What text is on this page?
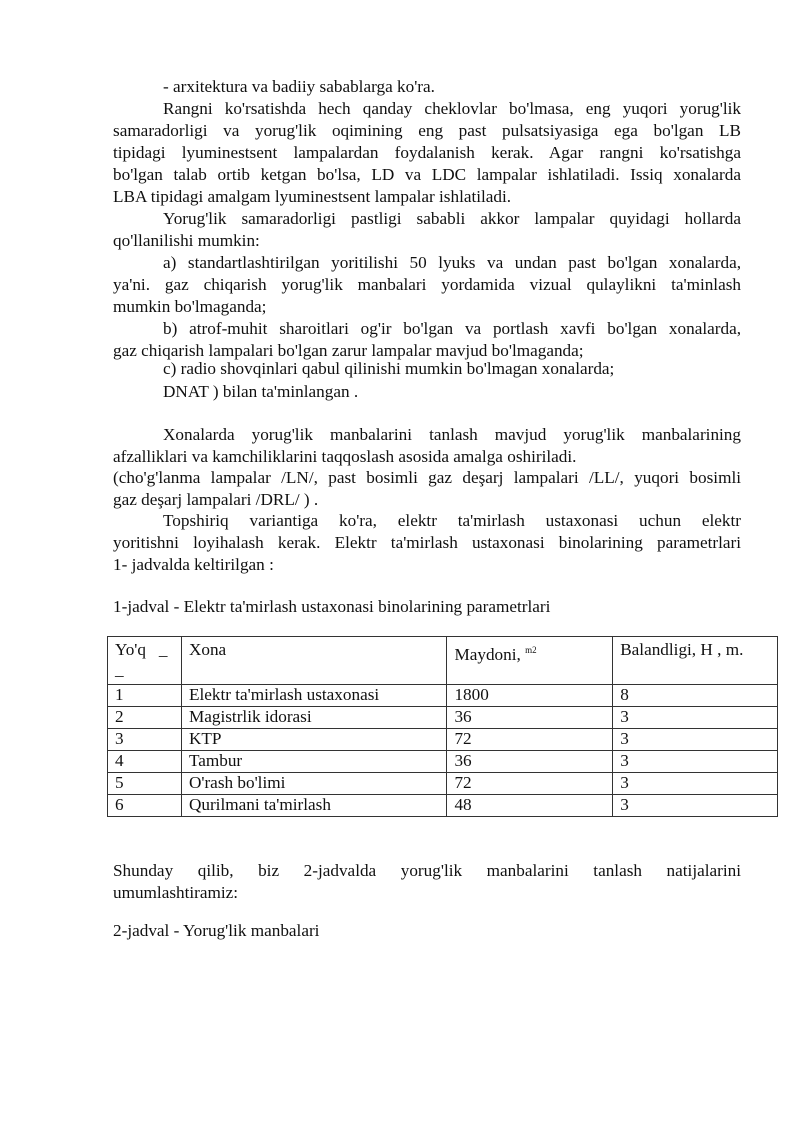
- arxitektura va badiiy sabablarga ko'ra.

Rangni ko'rsatishda hech qanday cheklovlar bo'lmasa, eng yuqori yorug'lik
samaradorligi va yorug'lik oqimining eng past pulsatsiyasiga ega bo'lgan LB
tipidagi lyuminestsent lampalardan foydalanish kerak. Agar rangni ko'rsatishga
bo'lgan talab ortib ketgan bo'lsa, LD va LDC lampalar ishlatiladi. Issiq xonalarda
LBA tipidagi amalgam lyuminestsent lampalar ishlatiladi.

Yorug'lik samaradorligi pastligi sababli akkor lampalar quyidagi hollarda
qo'llanilishi mumkin:

a) standartlashtirilgan yoritilishi 50 lyuks va undan past bo'lgan xonalarda,
ya'ni. gaz chiqarish yorug'lik manbalari yordamida vizual qulaylikni ta'minlash
mumkin bo'lmaganda;

b) atrof-muhit sharoitlari og'ir bo'lgan va portlash xavfi bo'lgan xonalarda,
gaz chiqarish lampalari bo'lgan zarur lampalar mavjud bo'lmaganda;

c) radio shovqinlari qabul qilinishi mumkin bo'lmagan xonalarda;

DNAT ) bilan ta'minlangan .

Xonalarda yorug'lik manbalarini tanlash mavjud yorug'lik manbalarining
afzalliklari va kamchiliklarini taqqoslash asosida amalga oshiriladi.

(cho'g'lanma lampalar /LN/, past bosimli gaz deşarj lampalari /LL/, yuqori bosimli
gaz deşarj lampalari /DRL/ ) .

Topshiriq variantiga ko'ra, elektr ta'mirlash ustaxonasi uchun elektr
yoritishni loyihalash kerak. Elektr ta'mirlash ustaxonasi binolarining parametrlari
1- jadvalda keltirilgan :

1-jadval - Elektr ta'mirlash ustaxonasi binolarining parametrlari

Yo'q _
_	Xona	Maydoni, $^{m2}$	Balandligi, H , m.
1	Elektr ta'mirlash ustaxonasi	1800	8
2	Magistrlik idorasi	36	3
3	KTP	72	3
4	Tambur	36	3
5	O'rash bo'limi	72	3
6	Qurilmani ta'mirlash	48	3

Shunday qilib, biz 2-jadvalda yorug'lik manbalarini tanlash natijalarini
umumlashtiramiz:

2-jadval - Yorug'lik manbalari
